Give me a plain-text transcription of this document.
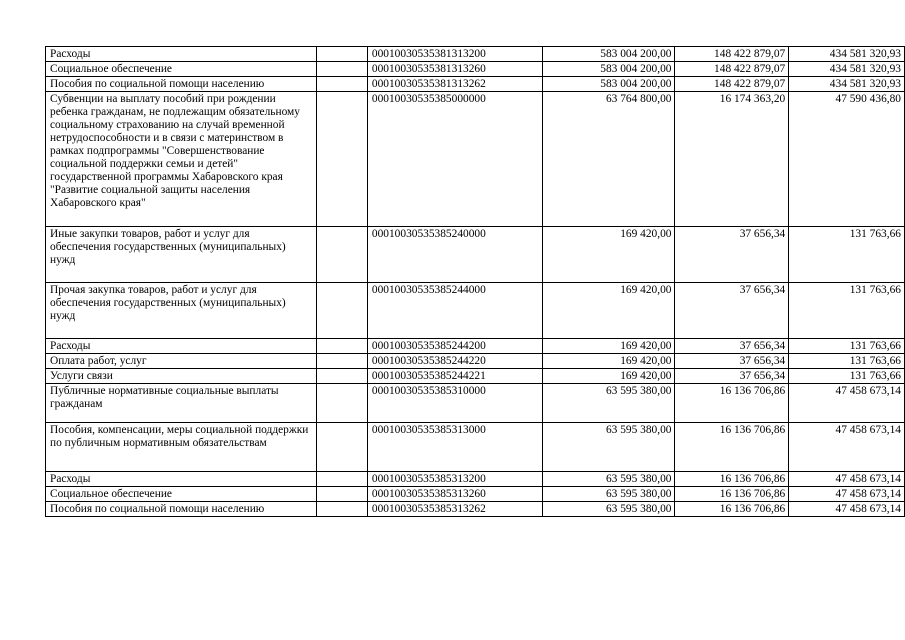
Расходы		00010030535381313200	583 004 200,00	148 422 879,07	434 581 320,93
Социальное обеспечение		00010030535381313260	583 004 200,00	148 422 879,07	434 581 320,93
Пособия по социальной помощи населению		00010030535381313262	583 004 200,00	148 422 879,07	434 581 320,93
Субвенции на выплату пособий при рождении ребенка гражданам, не подлежащим обязательному социальному страхованию на случай временной нетрудоспособности и в связи с материнством в рамках подпрограммы "Совершенствование социальной поддержки семьи и детей" государственной программы Хабаровского края "Развитие социальной защиты населения Хабаровского края"		00010030535385000000	63 764 800,00	16 174 363,20	47 590 436,80
Иные закупки товаров, работ и услуг для обеспечения государственных (муниципальных) нужд		00010030535385240000	169 420,00	37 656,34	131 763,66
Прочая закупка товаров, работ и услуг для обеспечения государственных (муниципальных) нужд		00010030535385244000	169 420,00	37 656,34	131 763,66
Расходы		00010030535385244200	169 420,00	37 656,34	131 763,66
Оплата работ, услуг		00010030535385244220	169 420,00	37 656,34	131 763,66
Услуги связи		00010030535385244221	169 420,00	37 656,34	131 763,66
Публичные нормативные социальные выплаты гражданам		00010030535385310000	63 595 380,00	16 136 706,86	47 458 673,14
Пособия, компенсации, меры социальной поддержки по публичным нормативным обязательствам		00010030535385313000	63 595 380,00	16 136 706,86	47 458 673,14
Расходы		00010030535385313200	63 595 380,00	16 136 706,86	47 458 673,14
Социальное обеспечение		00010030535385313260	63 595 380,00	16 136 706,86	47 458 673,14
Пособия по социальной помощи населению		00010030535385313262	63 595 380,00	16 136 706,86	47 458 673,14
